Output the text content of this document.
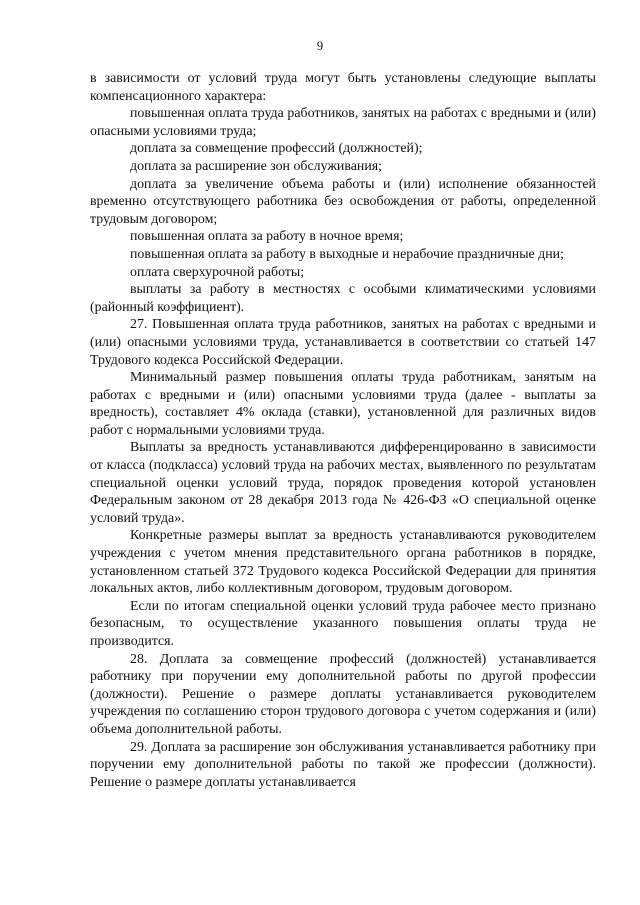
9

в зависимости от условий труда могут быть установлены следующие выплаты компенсационного характера:

повышенная оплата труда работников, занятых на работах с вредными и (или) опасными условиями труда;

доплата за совмещение профессий (должностей);

доплата за расширение зон обслуживания;

доплата за увеличение объема работы и (или) исполнение обязанностей временно отсутствующего работника без освобождения от работы, определенной трудовым договором;

повышенная оплата за работу в ночное время;

повышенная оплата за работу в выходные и нерабочие праздничные дни;

оплата сверхурочной работы;

выплаты за работу в местностях с особыми климатическими условиями (районный коэффициент).

27. Повышенная оплата труда работников, занятых на работах с вредными и (или) опасными условиями труда, устанавливается в соответствии со статьей 147 Трудового кодекса Российской Федерации.

Минимальный размер повышения оплаты труда работникам, занятым на работах с вредными и (или) опасными условиями труда (далее - выплаты за вредность), составляет 4% оклада (ставки), установленной для различных видов работ с нормальными условиями труда.

Выплаты за вредность устанавливаются дифференцированно в зависимости от класса (подкласса) условий труда на рабочих местах, выявленного по результатам специальной оценки условий труда, порядок проведения которой установлен Федеральным законом от 28 декабря 2013 года № 426-ФЗ «О специальной оценке условий труда».

Конкретные размеры выплат за вредность устанавливаются руководителем учреждения с учетом мнения представительного органа работников в порядке, установленном статьей 372 Трудового кодекса Российской Федерации для принятия локальных актов, либо коллективным договором, трудовым договором.

Если по итогам специальной оценки условий труда рабочее место признано безопасным, то осуществление указанного повышения оплаты труда не производится.

28. Доплата за совмещение профессий (должностей) устанавливается работнику при поручении ему дополнительной работы по другой профессии (должности). Решение о размере доплаты устанавливается руководителем учреждения по соглашению сторон трудового договора с учетом содержания и (или) объема дополнительной работы.

29. Доплата за расширение зон обслуживания устанавливается работнику при поручении ему дополнительной работы по такой же профессии (должности). Решение о размере доплаты устанавливается
